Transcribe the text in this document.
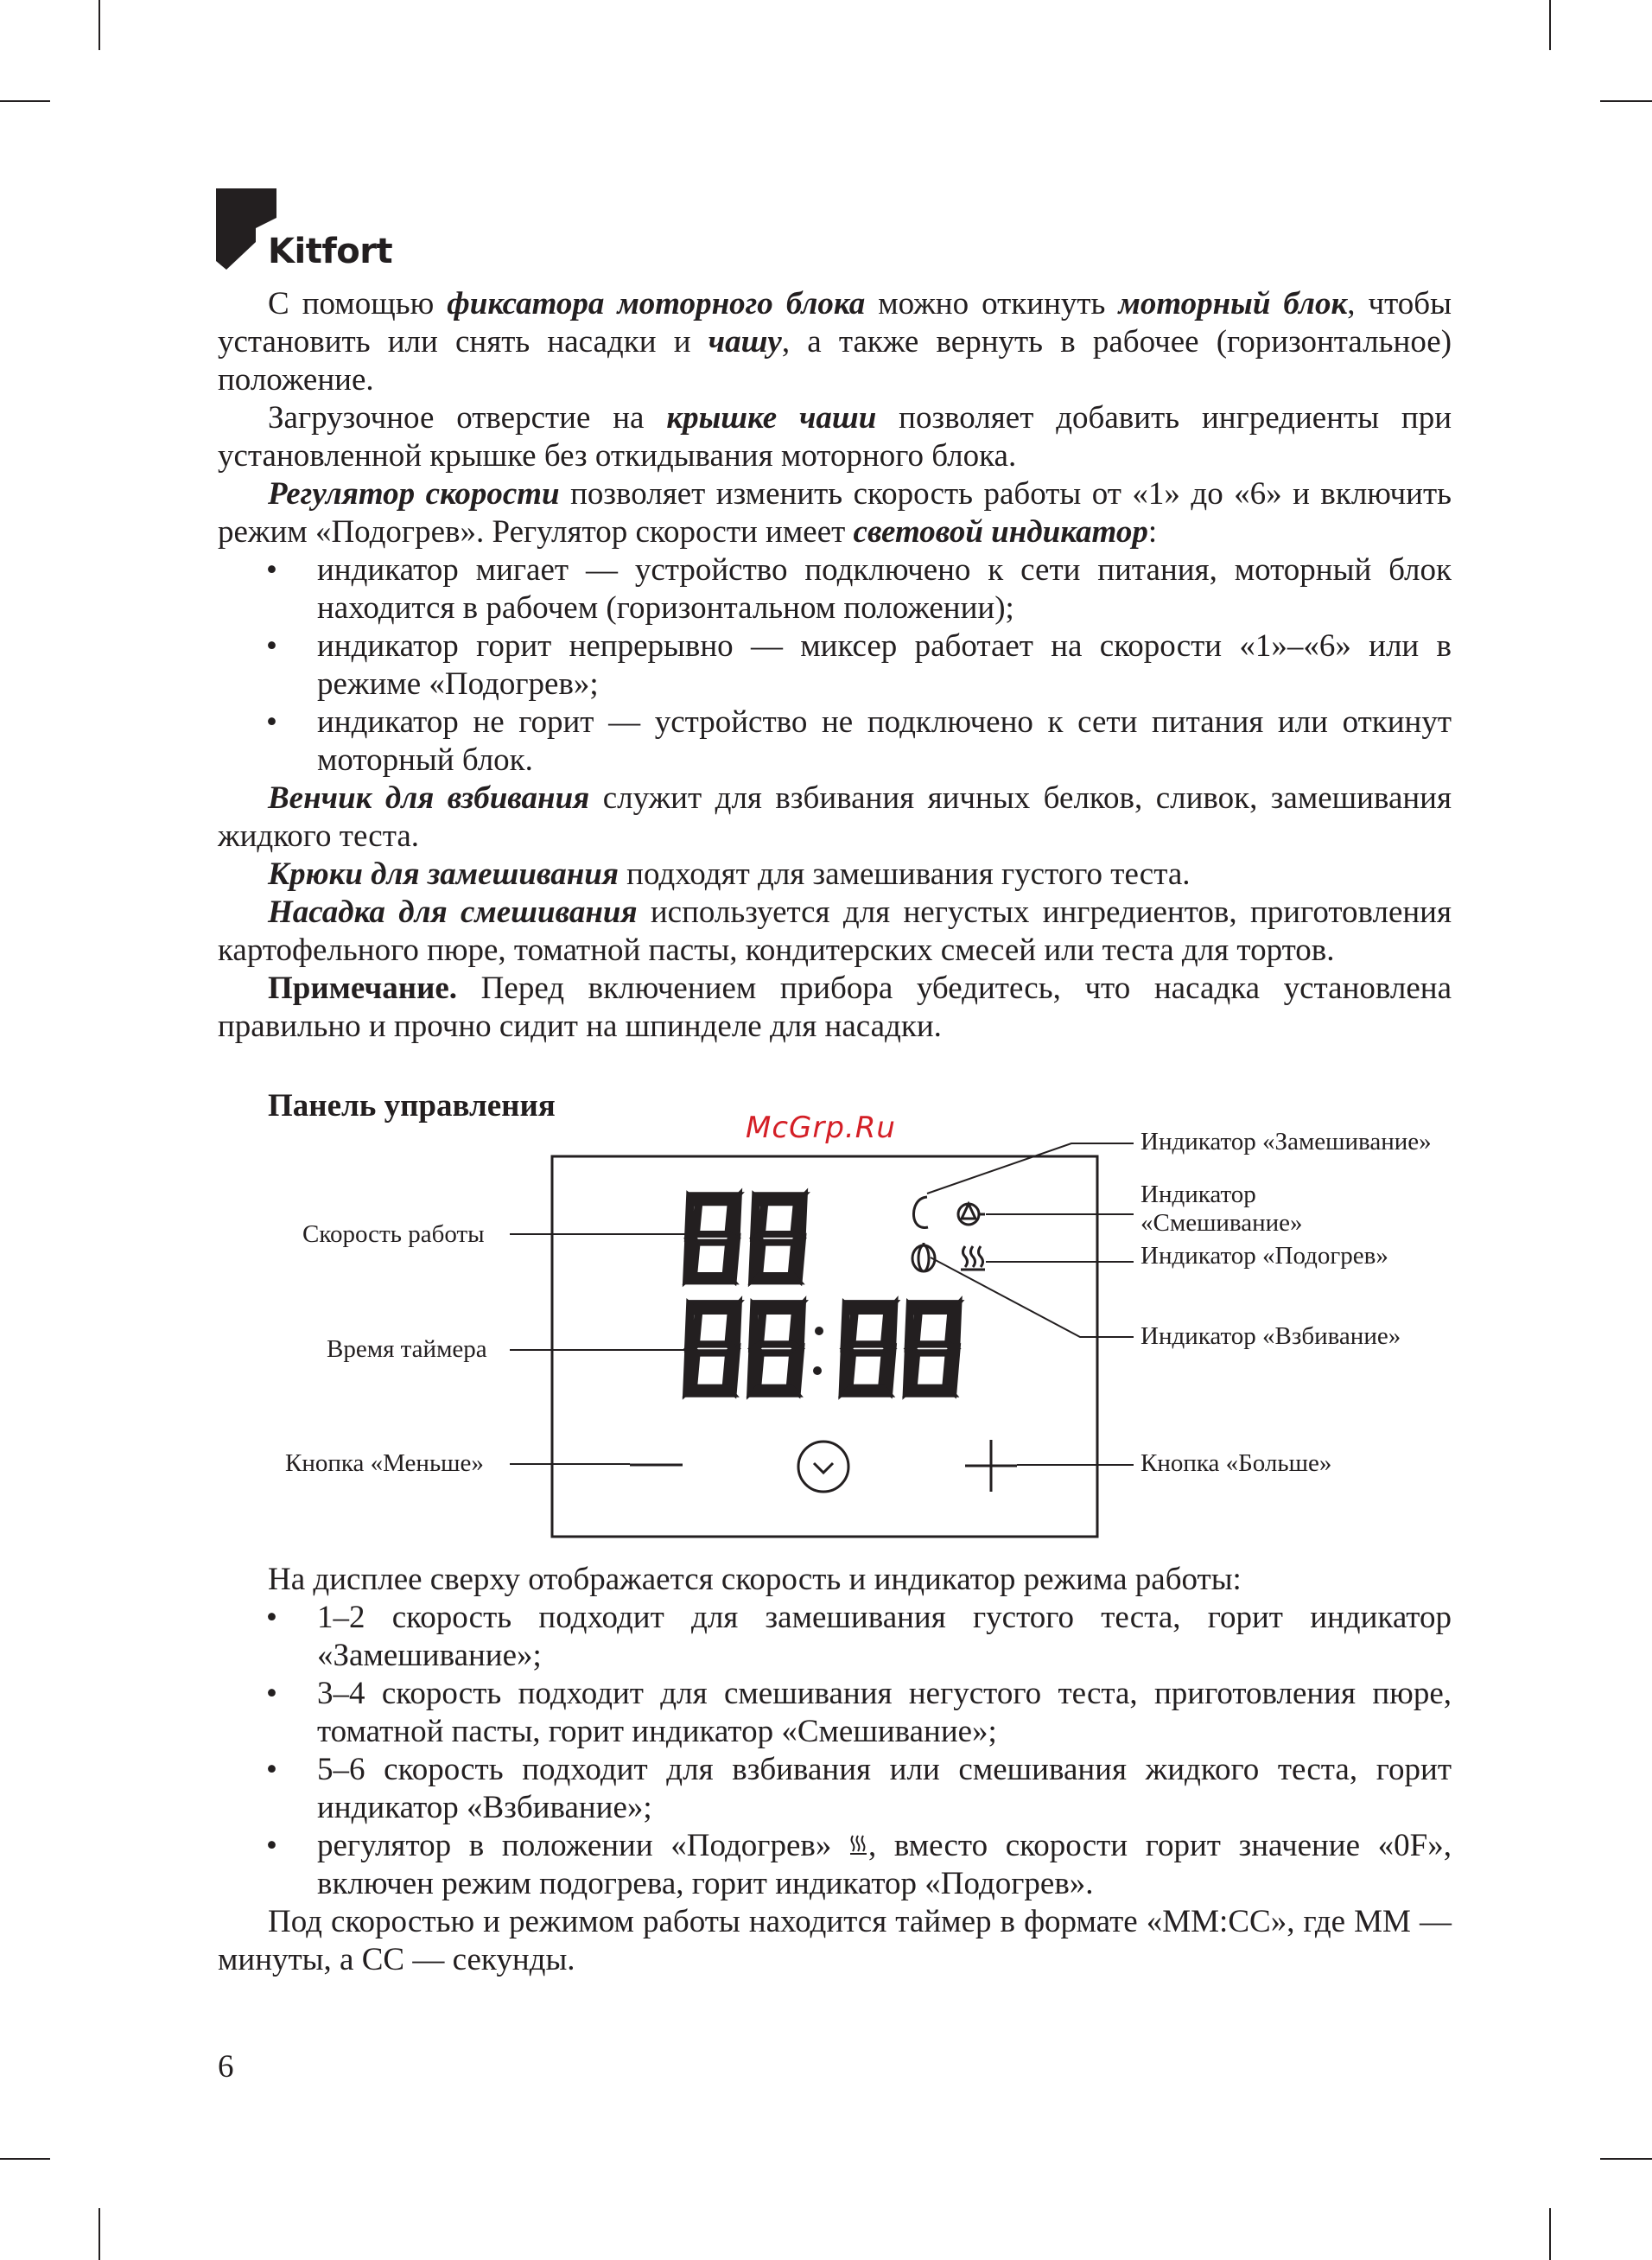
Kitfort

С помощью фиксатора моторного блока можно откинуть моторный блок, чтобы установить или снять насадки и чашу, а также вернуть в рабочее (горизонтальное) положение.

Загрузочное отверстие на крышке чаши позволяет добавить ингредиенты при установленной крышке без откидывания моторного блока.

Регулятор скорости позволяет изменить скорость работы от «1» до «6» и включить режим «Подогрев». Регулятор скорости имеет световой индикатор:

• индикатор мигает — устройство подключено к сети питания, моторный блок находится в рабочем (горизонтальном положении);
• индикатор горит непрерывно — миксер работает на скорости «1»–«6» или в режиме «Подогрев»;
• индикатор не горит — устройство не подключено к сети питания или откинут моторный блок.

Венчик для взбивания служит для взбивания яичных белков, сливок, замешивания жидкого теста.

Крюки для замешивания подходят для замешивания густого теста.

Насадка для смешивания используется для негустых ингредиентов, приготовления картофельного пюре, томатной пасты, кондитерских смесей или теста для тортов.

Примечание. Перед включением прибора убедитесь, что насадка установлена правильно и прочно сидит на шпинделе для насадки.

Панель управления
McGrp.Ru
Скорость работы
Время таймера
Кнопка «Меньше»
Индикатор «Замешивание»
Индикатор
«Смешивание»
Индикатор «Подогрев»
Индикатор «Взбивание»
Кнопка «Больше»

На дисплее сверху отображается скорость и индикатор режима работы:

• 1–2 скорость подходит для замешивания густого теста, горит индикатор «Замешивание»;
• 3–4 скорость подходит для смешивания негустого теста, приготовления пюре, томатной пасты, горит индикатор «Смешивание»;
• 5–6 скорость подходит для взбивания или смешивания жидкого теста, горит индикатор «Взбивание»;
• регулятор в положении «Подогрев» , вместо скорости горит значение «0F», включен режим подогрева, горит индикатор «Подогрев».

Под скоростью и режимом работы находится таймер в формате «ММ:СС», где ММ — минуты, а СС — секунды.

6
